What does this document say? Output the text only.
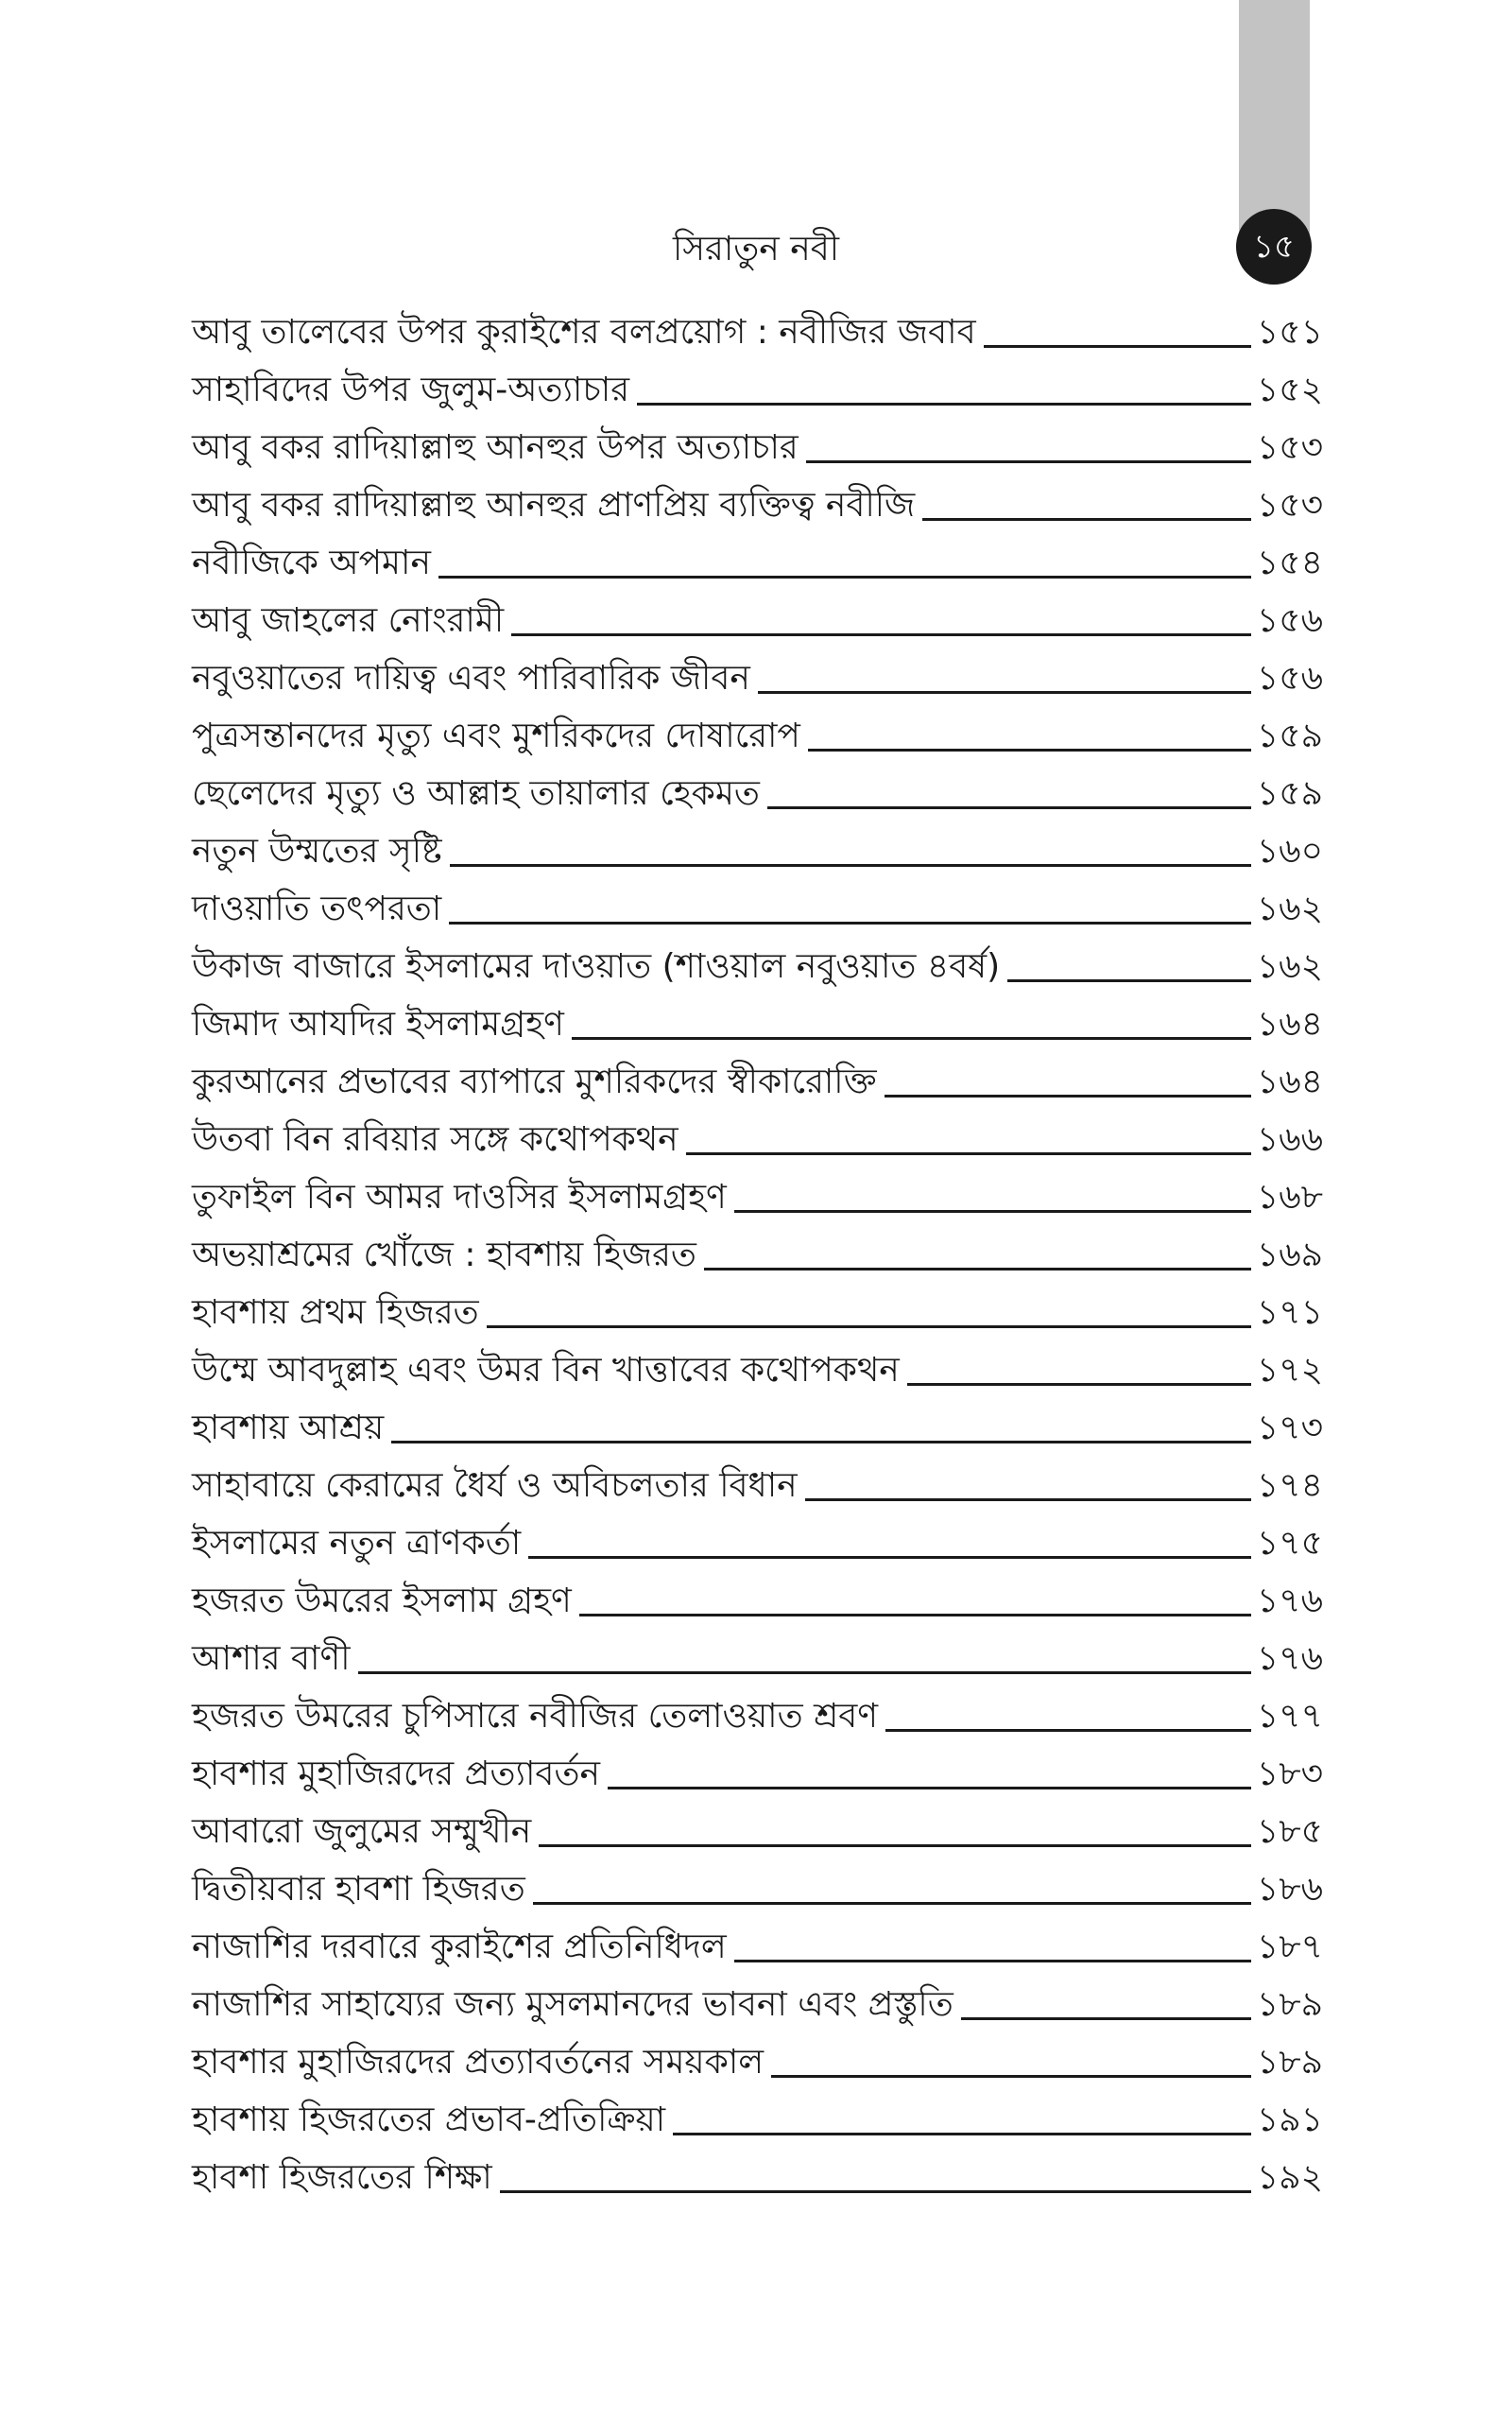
১৫
সিরাতুন নবী
আবু তালেবের উপর কুরাইশের বলপ্রয়োগ : নবীজির জবাব	১৫১
সাহাবিদের উপর জুলুম-অত্যাচার	১৫২
আবু বকর রাদিয়াল্লাহু আনহুর উপর অত্যাচার	১৫৩
আবু বকর রাদিয়াল্লাহু আনহুর প্রাণপ্রিয় ব্যক্তিত্ব নবীজি	১৫৩
নবীজিকে অপমান	১৫৪
আবু জাহলের নোংরামী	১৫৬
নবুওয়াতের দায়িত্ব এবং পারিবারিক জীবন	১৫৬
পুত্রসন্তানদের মৃত্যু এবং মুশরিকদের দোষারোপ	১৫৯
ছেলেদের মৃত্যু ও আল্লাহ তায়ালার হেকমত	১৫৯
নতুন উম্মতের সৃষ্টি	১৬০
দাওয়াতি তৎপরতা	১৬২
উকাজ বাজারে ইসলামের দাওয়াত (শাওয়াল নবুওয়াত ৪বর্ষ)	১৬২
জিমাদ আযদির ইসলামগ্রহণ	১৬৪
কুরআনের প্রভাবের ব্যাপারে মুশরিকদের স্বীকারোক্তি	১৬৪
উতবা বিন রবিয়ার সঙ্গে কথোপকথন	১৬৬
তুফাইল বিন আমর দাওসির ইসলামগ্রহণ	১৬৮
অভয়াশ্রমের খোঁজে : হাবশায় হিজরত	১৬৯
হাবশায় প্রথম হিজরত	১৭১
উম্মে আবদুল্লাহ এবং উমর বিন খাত্তাবের কথোপকথন	১৭২
হাবশায় আশ্রয়	১৭৩
সাহাবায়ে কেরামের ধৈর্য ও অবিচলতার বিধান	১৭৪
ইসলামের নতুন ত্রাণকর্তা	১৭৫
হজরত উমরের ইসলাম গ্রহণ	১৭৬
আশার বাণী	১৭৬
হজরত উমরের চুপিসারে নবীজির তেলাওয়াত শ্রবণ	১৭৭
হাবশার মুহাজিরদের প্রত্যাবর্তন	১৮৩
আবারো জুলুমের সম্মুখীন	১৮৫
দ্বিতীয়বার হাবশা হিজরত	১৮৬
নাজাশির দরবারে কুরাইশের প্রতিনিধিদল	১৮৭
নাজাশির সাহায্যের জন্য মুসলমানদের ভাবনা এবং প্রস্তুতি	১৮৯
হাবশার মুহাজিরদের প্রত্যাবর্তনের সময়কাল	১৮৯
হাবশায় হিজরতের প্রভাব-প্রতিক্রিয়া	১৯১
হাবশা হিজরতের শিক্ষা	১৯২
